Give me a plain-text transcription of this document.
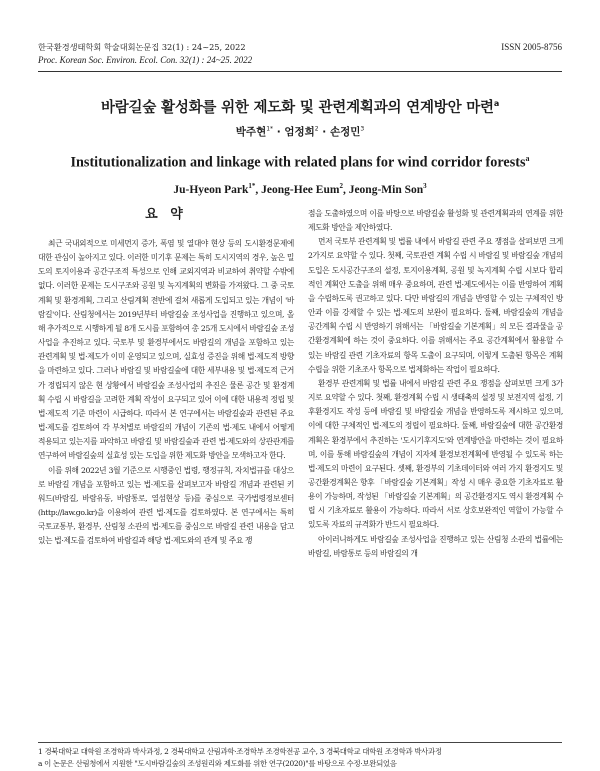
한국환경생태학회 학술대회논문집 32(1) : 24~25, 2022
Proc. Korean Soc. Environ. Ecol. Con. 32(1) : 24~25. 2022
ISSN 2005-8756
바람길숲 활성화를 위한 제도화 및 관련계획과의 연계방안 마련$^a$
박주현$^{1*}$ · 엄정희$^2$ · 손정민$^3$
Institutionalization and linkage with related plans for wind corridor forests$^a$
Ju-Hyeon Park$^{1*}$, Jeong-Hee Eum$^2$, Jeong-Min Son$^3$
요 약

최근 국내외적으로 미세먼지 증가, 폭염 및 열대야 현상 등의 도시환경문제에 대한 관심이 높아지고 있다. 이러한 미기후 문제는 특히 도시지역의 경우, 높은 밀도의 토지이용과 공간구조적 특성으로 인해 교외지역과 비교하여 취약할 수밖에 없다. 이러한 문제는 도시구조와 공원 및 녹지계획의 변화를 가져왔다. 그 중 국토계획 및 환경계획, 그리고 산림계획 전반에 걸쳐 새롭게 도입되고 있는 개념이 '바람길'이다. 산림청에서는 2019년부터 바람길숲 조성사업을 진행하고 있으며, 올해 추가적으로 시행하게 될 8개 도시를 포함하여 총 25개 도시에서 바람길숲 조성사업을 추진하고 있다. 국토부 및 환경부에서도 바람길의 개념을 포함하고 있는 관련계획 및 법·제도가 이미 운영되고 있으며, 실효성 증진을 위해 법·제도적 방향을 마련하고 있다. 그러나 바람길 및 바람길숲에 대한 세부내용 및 법·제도적 근거가 정립되지 않은 현 상황에서 바람길숲 조성사업의 추진은 물론 공간 및 환경계획 수립 시 바람길을 고려한 계획 작성이 요구되고 있어 이에 대한 내용적 정립 및 법·제도적 기준 마련이 시급하다. 따라서 본 연구에서는 바람길숲과 관련된 주요 법·제도를 검토하여 각 부처별로 바람길의 개념이 기존의 법·제도 내에서 어떻게 적용되고 있는지를 파악하고 바람길 및 바람길숲과 관련 법·제도와의 상관관계를 연구하여 바람길숲의 실효성 있는 도입을 위한 제도화 방안을 모색하고자 한다.

이를 위해 2022년 3월 기준으로 시행중인 법령, 행정규칙, 자치법규를 대상으로 바람길 개념을 포함하고 있는 법·제도를 살펴보고자 바람길 개념과 관련된 키워드(바람길, 바람유동, 바람통로, 열섬현상 등)를 중심으로 국가법령정보센터(http://law.go.kr)을 이용하여 관련 법·제도를 검토하였다. 본 연구에서는 특히 국토교통부, 환경부, 산림청 소관의 법·제도를 중심으로 바람길 관련 내용을 담고 있는 법·제도를 검토하여 바람길과 해당 법·제도와의 관계 및 주요 쟁

점을 도출하였으며 이를 바탕으로 바람길숲 활성화 및 관련계획과의 연계를 위한 제도화 방안을 제안하였다.

먼저 국토부 관련계획 및 법률 내에서 바람길 관련 주요 쟁점을 살펴보면 크게 2가지로 요약할 수 있다. 첫째, 국토관련 계획 수립 시 바람길 및 바람길숲 개념의 도입은 도시공간구조의 설정, 토지이용계획, 공원 및 녹지계획 수립 시보다 합리적인 계획안 도출을 위해 매우 중요하며, 관련 법·제도에서는 이를 반영하여 계획을 수립하도록 권고하고 있다. 다만 바람길의 개념을 반영할 수 있는 구체적인 방안과 이를 강제할 수 있는 법·제도의 보완이 필요하다. 둘째, 바람길숲의 개념을 공간계획 수립 시 반영하기 위해서는 「바람길숲 기본계획」의 모든 결과물을 공간환경계획에 하는 것이 중요하다. 이를 위해서는 주요 공간계획에서 활용할 수 있는 바람길 관련 기초자료의 항목 도출이 요구되며, 이렇게 도출된 항목은 계획수립을 위한 기초조사 항목으로 법제화하는 작업이 필요하다.

환경부 관련계획 및 법률 내에서 바람길 관련 주요 쟁점을 살펴보면 크게 3가지로 요약할 수 있다. 첫째, 환경계획 수립 시 생태축의 설정 및 보전지역 설정, 기후환경지도 작성 등에 바람길 및 바람길숲 개념을 반영하도록 제시하고 있으며, 이에 대한 구체적인 법·제도의 정립이 필요하다. 둘째, 바람길숲에 대한 공간환경계획은 환경부에서 추진하는 '도시기후지도'와 연계방안을 마련하는 것이 필요하며, 이를 통해 바람길숲의 개념이 지자체 환경보전계획에 반영될 수 있도록 하는 법·제도의 마련이 요구된다. 셋째, 환경부의 기초데이터와 여러 가지 환경지도 및 공간환경계획은 향후 「바람길숲 기본계획」작성 시 매우 중요한 기초자료로 활용이 가능하며, 작성된 「바람길숲 기본계획」의 공간환경지도 역시 환경계획 수립 시 기초자료로 활용이 가능하다. 따라서 서로 상호보완적인 역할이 가능할 수 있도록 자료의 규격화가 반드시 필요하다.

아이러니하게도 바람길숲 조성사업을 진행하고 있는 산림청 소관의 법률에는 바람길, 바람통로 등의 바람길의 개

1 경북대학교 대학원 조경학과 박사과정, 2 경북대학교 산림과학·조경학부 조경학전공 교수, 3 경북대학교 대학원 조경학과 박사과정
a 이 논문은 산림청에서 지원한 "도시바람길숲의 조성원리와 제도화를 위한 연구(2020)"를 바탕으로 수정·보완되었음
